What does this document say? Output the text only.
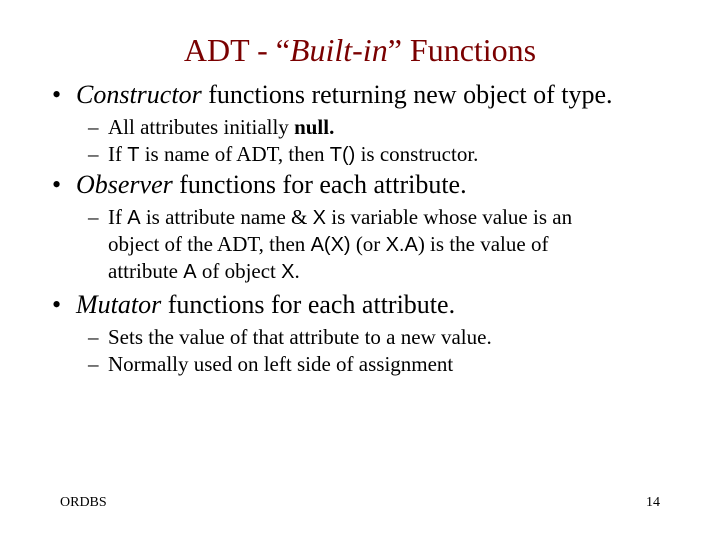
ADT - “Built-in” Functions
• Constructor functions returning new object of type.
– All attributes initially null.
– If T is name of ADT, then T() is constructor.
• Observer functions for each attribute.
– If A is attribute name & X is variable whose value is an
object of the ADT, then A(X) (or X.A) is the value of
attribute A of object X.
• Mutator functions for each attribute.
– Sets the value of that attribute to a new value.
– Normally used on left side of assignment
ORDBS	14
